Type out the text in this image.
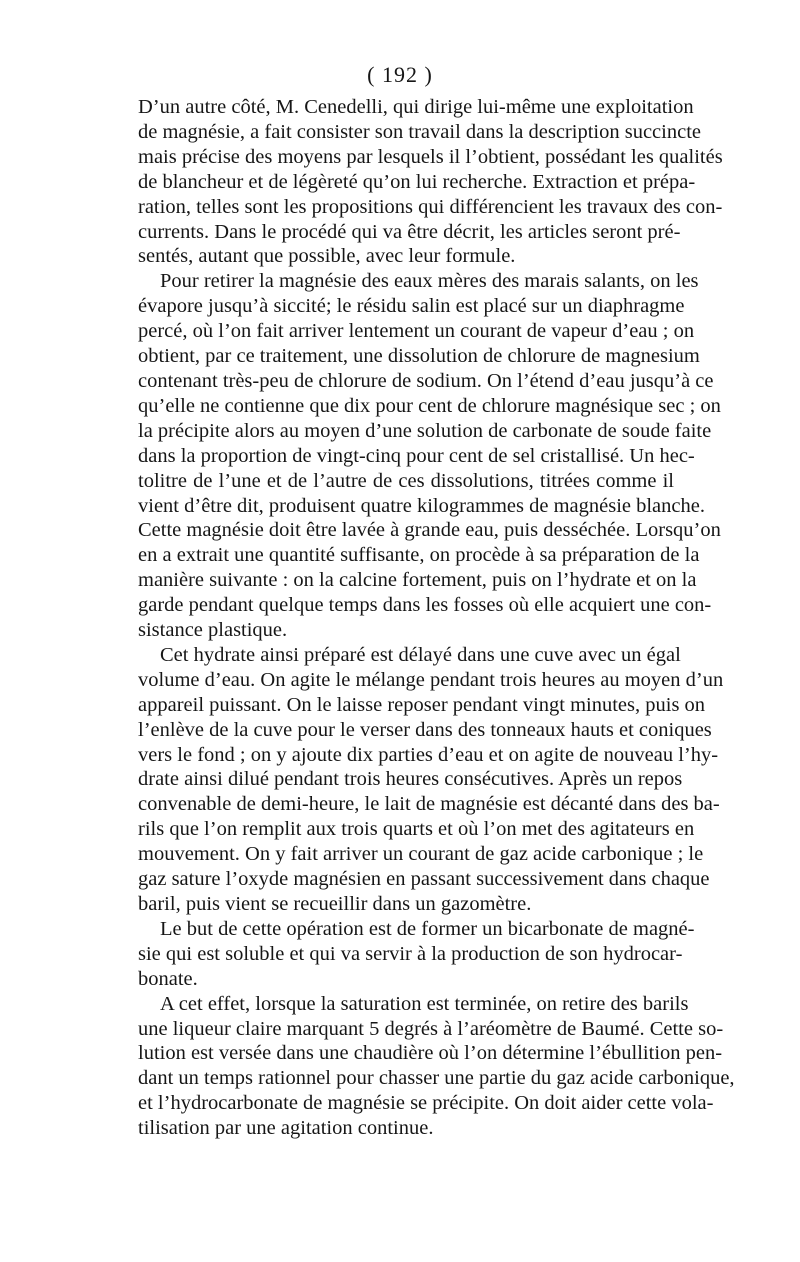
( 192 )

D’un autre côté, M. Cenedelli, qui dirige lui-même une exploitation
de magnésie, a fait consister son travail dans la description succincte
mais précise des moyens par lesquels il l’obtient, possédant les qualités
de blancheur et de légèreté qu’on lui recherche. Extraction et prépa-
ration, telles sont les propositions qui différencient les travaux des con-
currents. Dans le procédé qui va être décrit, les articles seront pré-
sentés, autant que possible, avec leur formule.

Pour retirer la magnésie des eaux mères des marais salants, on les
évapore jusqu’à siccité; le résidu salin est placé sur un diaphragme
percé, où l’on fait arriver lentement un courant de vapeur d’eau ; on
obtient, par ce traitement, une dissolution de chlorure de magnesium
contenant très-peu de chlorure de sodium. On l’étend d’eau jusqu’à ce
qu’elle ne contienne que dix pour cent de chlorure magnésique sec ; on
la précipite alors au moyen d’une solution de carbonate de soude faite
dans la proportion de vingt-cinq pour cent de sel cristallisé. Un hec-
tolitre de l’une et de l’autre de ces dissolutions, titrées comme il
vient d’être dit, produisent quatre kilogrammes de magnésie blanche.
Cette magnésie doit être lavée à grande eau, puis desséchée. Lorsqu’on
en a extrait une quantité suffisante, on procède à sa préparation de la
manière suivante : on la calcine fortement, puis on l’hydrate et on la
garde pendant quelque temps dans les fosses où elle acquiert une con-
sistance plastique.

Cet hydrate ainsi préparé est délayé dans une cuve avec un égal
volume d’eau. On agite le mélange pendant trois heures au moyen d’un
appareil puissant. On le laisse reposer pendant vingt minutes, puis on
l’enlève de la cuve pour le verser dans des tonneaux hauts et coniques
vers le fond ; on y ajoute dix parties d’eau et on agite de nouveau l’hy-
drate ainsi dilué pendant trois heures consécutives. Après un repos
convenable de demi-heure, le lait de magnésie est décanté dans des ba-
rils que l’on remplit aux trois quarts et où l’on met des agitateurs en
mouvement. On y fait arriver un courant de gaz acide carbonique ; le
gaz sature l’oxyde magnésien en passant successivement dans chaque
baril, puis vient se recueillir dans un gazomètre.

Le but de cette opération est de former un bicarbonate de magné-
sie qui est soluble et qui va servir à la production de son hydrocar-
bonate.

A cet effet, lorsque la saturation est terminée, on retire des barils
une liqueur claire marquant 5 degrés à l’aréomètre de Baumé. Cette so-
lution est versée dans une chaudière où l’on détermine l’ébullition pen-
dant un temps rationnel pour chasser une partie du gaz acide carbonique,
et l’hydrocarbonate de magnésie se précipite. On doit aider cette vola-
tilisation par une agitation continue.
